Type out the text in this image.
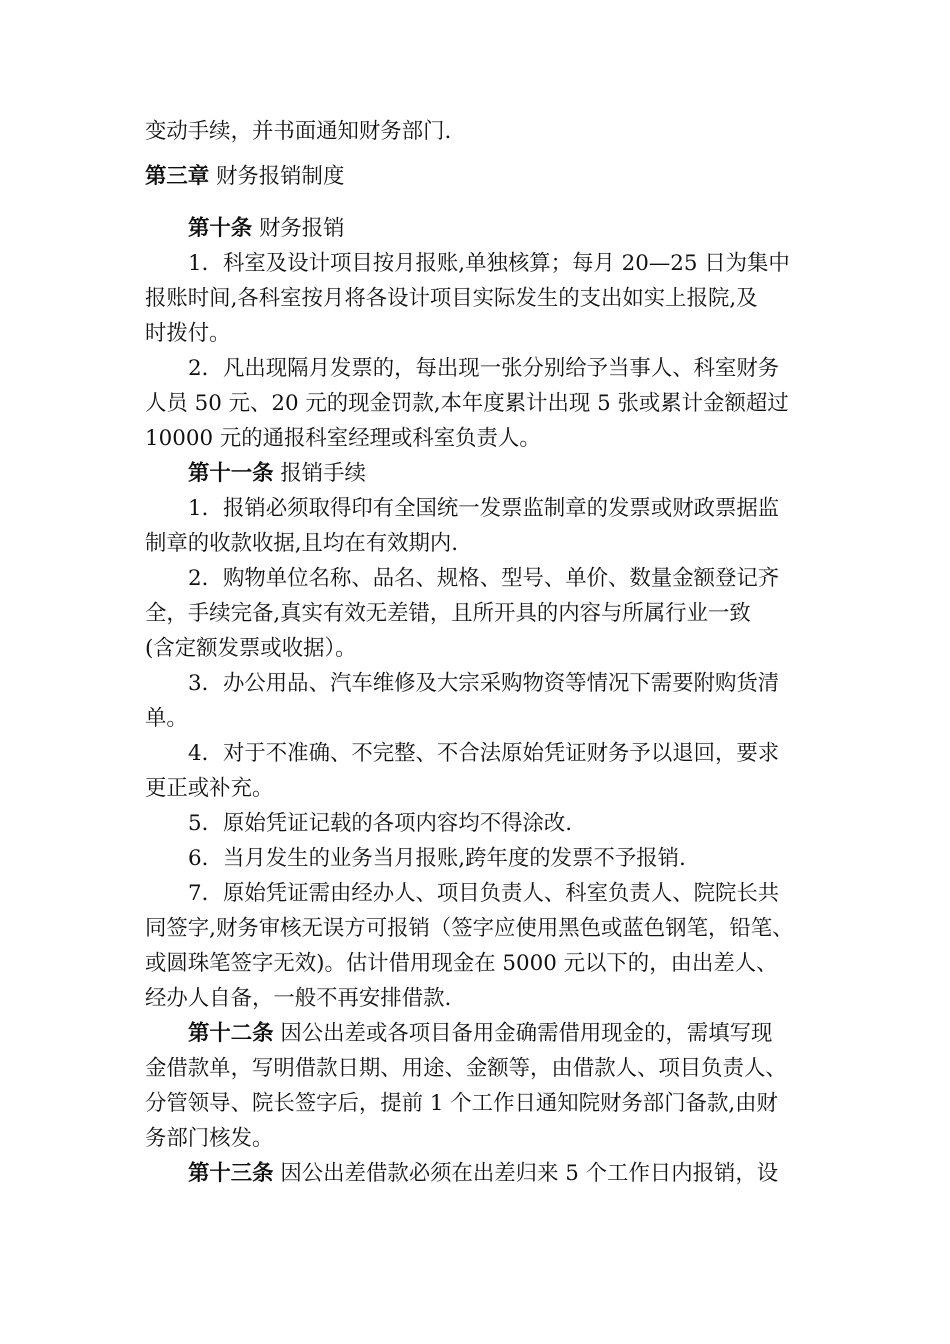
变动手续，并书面通知财务部门.
第三章 财务报销制度
第十条 财务报销
1．科室及设计项目按月报账,单独核算；每月 20—25 日为集中
报账时间,各科室按月将各设计项目实际发生的支出如实上报院,及
时拨付。
2．凡出现隔月发票的，每出现一张分别给予当事人、科室财务
人员 50 元、20 元的现金罚款,本年度累计出现 5 张或累计金额超过
10000 元的通报科室经理或科室负责人。
第十一条 报销手续
1．报销必须取得印有全国统一发票监制章的发票或财政票据监
制章的收款收据,且均在有效期内.
2．购物单位名称、品名、规格、型号、单价、数量金额登记齐
全，手续完备,真实有效无差错，且所开具的内容与所属行业一致
(含定额发票或收据）。
3．办公用品、汽车维修及大宗采购物资等情况下需要附购货清
单。
4．对于不准确、不完整、不合法原始凭证财务予以退回，要求
更正或补充。
5．原始凭证记载的各项内容均不得涂改.
6．当月发生的业务当月报账,跨年度的发票不予报销.
7．原始凭证需由经办人、项目负责人、科室负责人、院院长共
同签字,财务审核无误方可报销（签字应使用黑色或蓝色钢笔，铅笔、
或圆珠笔签字无效)。估计借用现金在 5000 元以下的，由出差人、
经办人自备，一般不再安排借款.
第十二条 因公出差或各项目备用金确需借用现金的，需填写现
金借款单，写明借款日期、用途、金额等，由借款人、项目负责人、
分管领导、院长签字后，提前 1 个工作日通知院财务部门备款,由财
务部门核发。
第十三条 因公出差借款必须在出差归来 5 个工作日内报销，设
